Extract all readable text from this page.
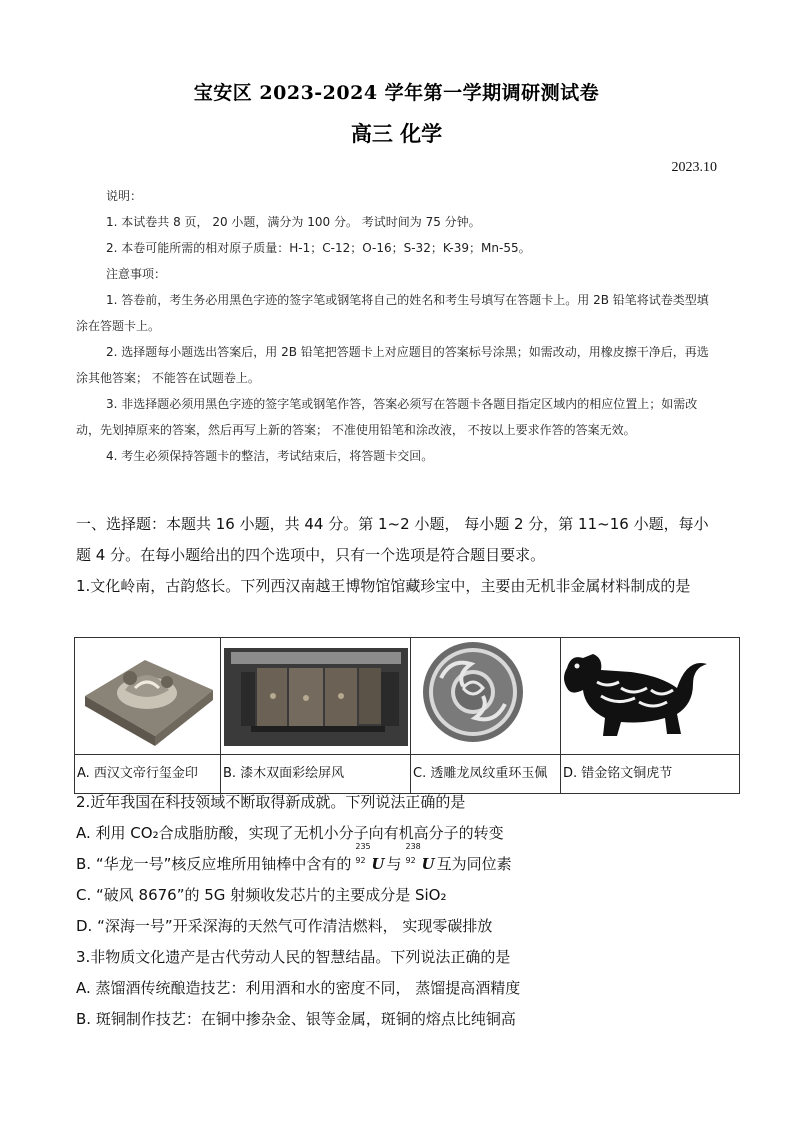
宝安区 2023-2024 学年第一学期调研测试卷
高三 化学
2023.10
说明：
1. 本试卷共 8 页， 20 小题，满分为 100 分。 考试时间为 75 分钟。
2. 本卷可能所需的相对原子质量：H-1；C-12；O-16；S-32；K-39；Mn-55。
注意事项：
1. 答卷前，考生务必用黑色字迹的签字笔或钢笔将自己的姓名和考生号填写在答题卡上。用 2B 铅笔将试卷类型填涂在答题卡上。
2. 选择题每小题选出答案后，用 2B 铅笔把答题卡上对应题目的答案标号涂黑；如需改动，用橡皮擦干净后，再选涂其他答案； 不能答在试题卷上。
3. 非选择题必须用黑色字迹的签字笔或钢笔作答，答案必须写在答题卡各题目指定区域内的相应位置上；如需改动，先划掉原来的答案，然后再写上新的答案； 不准使用铅笔和涂改液， 不按以上要求作答的答案无效。
4. 考生必须保持答题卡的整洁，考试结束后，将答题卡交回。
一、选择题：本题共 16 小题，共 44 分。第 1~2 小题， 每小题 2 分，第 11~16 小题，每小题 4 分。在每小题给出的四个选项中，只有一个选项是符合题目要求。
1.文化岭南，古韵悠长。下列西汉南越王博物馆馆藏珍宝中，主要由无机非金属材料制成的是

A. 西汉文帝行玺金印	B. 漆木双面彩绘屏风	C. 透雕龙凤纹重环玉佩	D. 错金铭文铜虎节
2.近年我国在科技领域不断取得新成就。下列说法正确的是
A. 利用 CO₂合成脂肪酸，实现了无机小分子向有机高分子的转变
B. “华龙一号”核反应堆所用铀棒中含有的
235
92 U 与
238
92 U 互为同位素
C. “破风 8676”的 5G 射频收发芯片的主要成分是 SiO₂
D. “深海一号”开采深海的天然气可作清洁燃料， 实现零碳排放
3.非物质文化遗产是古代劳动人民的智慧结晶。下列说法正确的是
A. 蒸馏酒传统酿造技艺：利用酒和水的密度不同， 蒸馏提高酒精度
B. 斑铜制作技艺：在铜中掺杂金、银等金属，斑铜的熔点比纯铜高
